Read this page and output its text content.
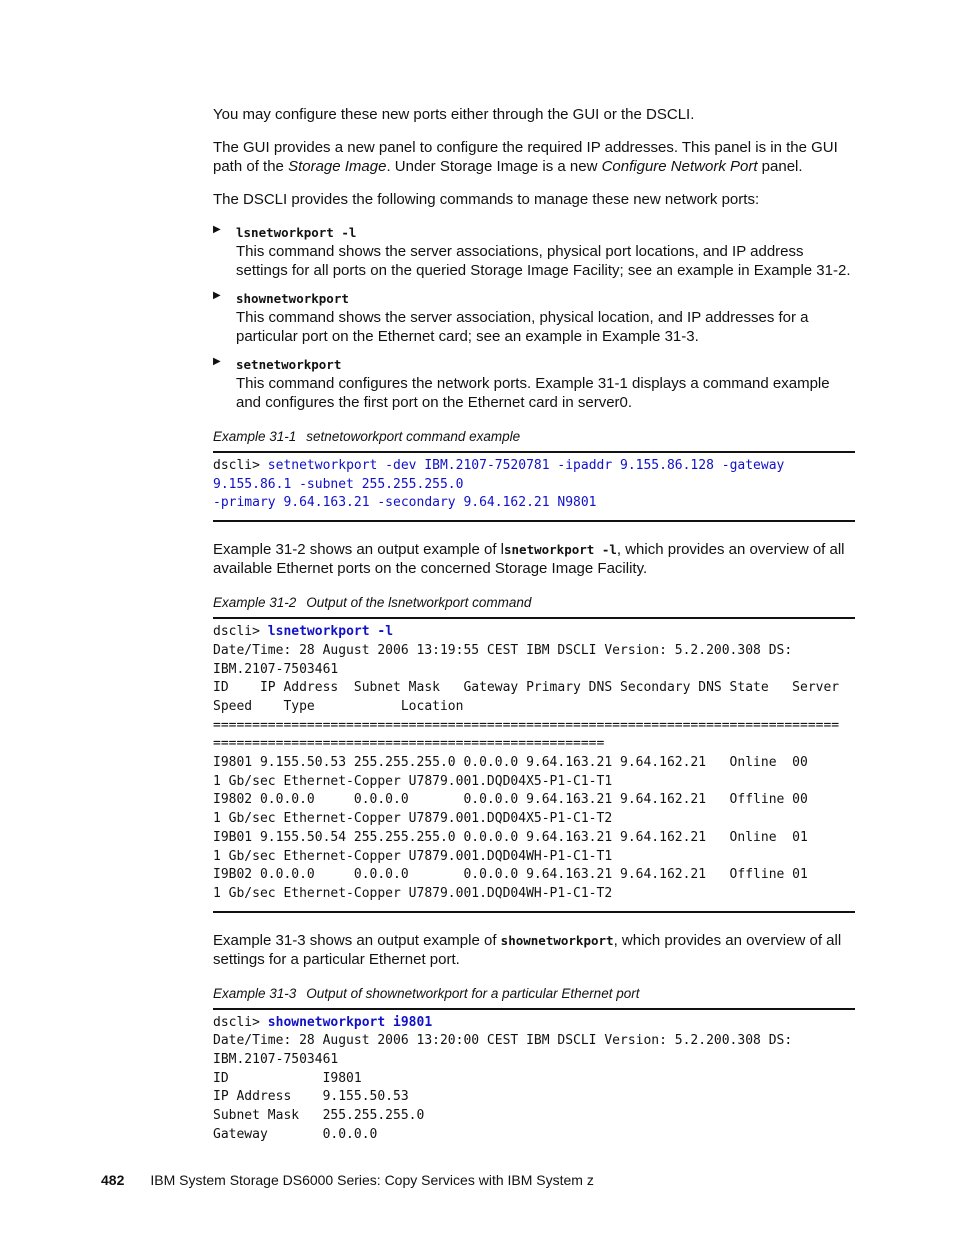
You may configure these new ports either through the GUI or the DSCLI.

The GUI provides a new panel to configure the required IP addresses. This panel is in the GUI path of the Storage Image. Under Storage Image is a new Configure Network Port panel.

The DSCLI provides the following commands to manage these new network ports:

▶ lsnetworkport -l
This command shows the server associations, physical port locations, and IP address settings for all ports on the queried Storage Image Facility; see an example in Example 31-2.
▶ shownetworkport
This command shows the server association, physical location, and IP addresses for a particular port on the Ethernet card; see an example in Example 31-3.
▶ setnetworkport
This command configures the network ports. Example 31-1 displays a command example and configures the first port on the Ethernet card in server0.
Example 31-1 setnetoworkport command example
dscli> setnetworkport -dev IBM.2107-7520781 -ipaddr 9.155.86.128 -gateway
9.155.86.1 -subnet 255.255.255.0
-primary 9.64.163.21 -secondary 9.64.162.21 N9801

Example 31-2 shows an output example of lsnetworkport -l, which provides an overview of all available Ethernet ports on the concerned Storage Image Facility.

Example 31-2 Output of the lsnetworkport command
dscli> lsnetworkport -l
Date/Time: 28 August 2006 13:19:55 CEST IBM DSCLI Version: 5.2.200.308 DS:
IBM.2107-7503461
ID    IP Address  Subnet Mask   Gateway Primary DNS Secondary DNS State   Server
Speed    Type           Location
================================================================================
==================================================
I9801 9.155.50.53 255.255.255.0 0.0.0.0 9.64.163.21 9.64.162.21   Online  00
1 Gb/sec Ethernet-Copper U7879.001.DQD04X5-P1-C1-T1
I9802 0.0.0.0     0.0.0.0       0.0.0.0 9.64.163.21 9.64.162.21   Offline 00
1 Gb/sec Ethernet-Copper U7879.001.DQD04X5-P1-C1-T2
I9B01 9.155.50.54 255.255.255.0 0.0.0.0 9.64.163.21 9.64.162.21   Online  01
1 Gb/sec Ethernet-Copper U7879.001.DQD04WH-P1-C1-T1
I9B02 0.0.0.0     0.0.0.0       0.0.0.0 9.64.163.21 9.64.162.21   Offline 01
1 Gb/sec Ethernet-Copper U7879.001.DQD04WH-P1-C1-T2

Example 31-3 shows an output example of shownetworkport, which provides an overview of all settings for a particular Ethernet port.

Example 31-3 Output of shownetworkport for a particular Ethernet port
dscli> shownetworkport i9801
Date/Time: 28 August 2006 13:20:00 CEST IBM DSCLI Version: 5.2.200.308 DS:
IBM.2107-7503461
ID            I9801
IP Address    9.155.50.53
Subnet Mask   255.255.255.0
Gateway       0.0.0.0
482 IBM System Storage DS6000 Series: Copy Services with IBM System z
